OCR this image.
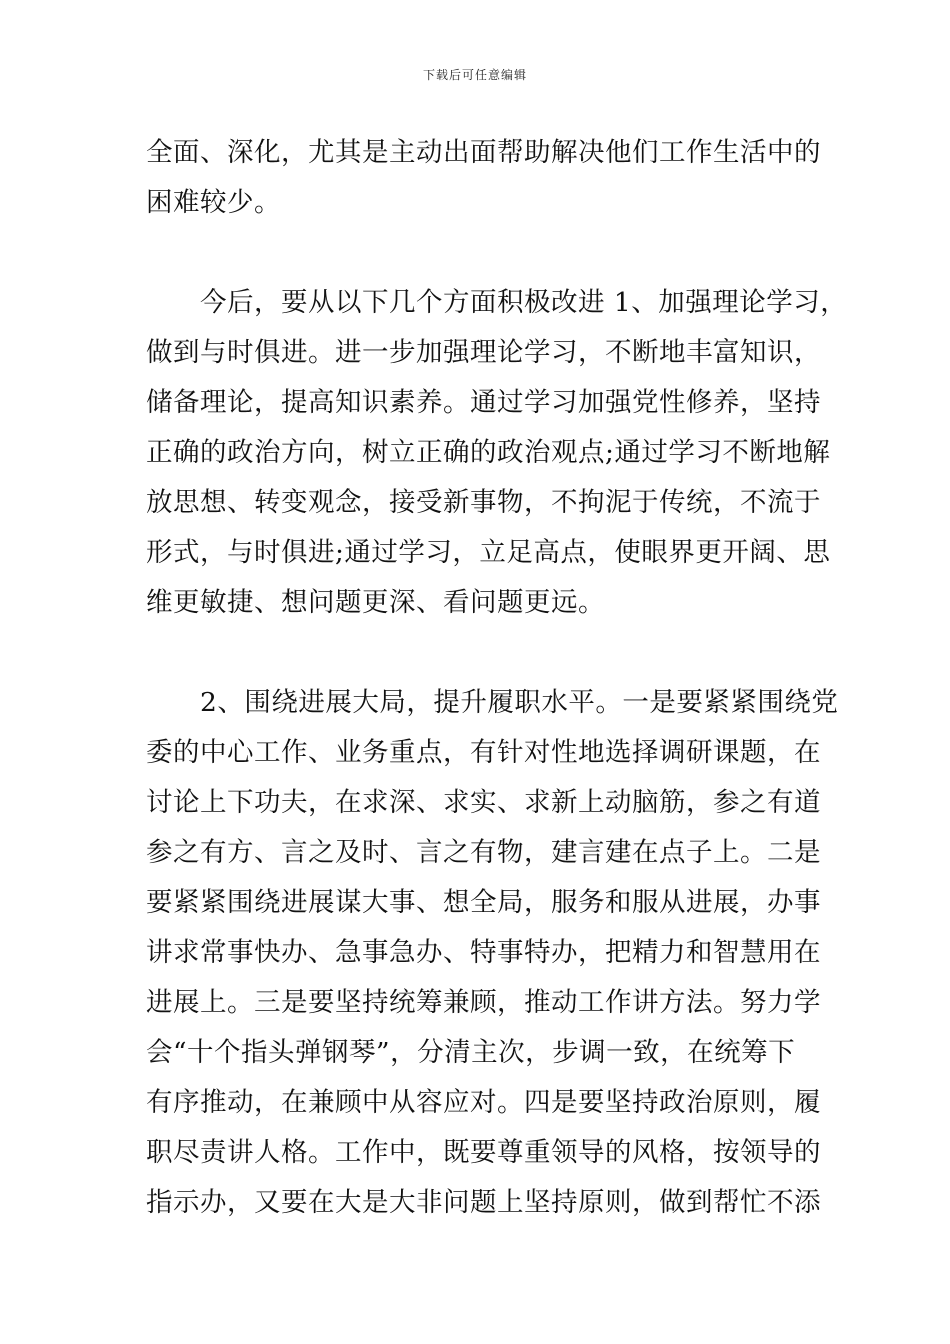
下载后可任意编辑
全面、深化，尤其是主动出面帮助解决他们工作生活中的
困难较少。
　　今后，要从以下几个方面积极改进 1、加强理论学习，
做到与时俱进。进一步加强理论学习，不断地丰富知识，
储备理论，提高知识素养。通过学习加强党性修养，坚持
正确的政治方向，树立正确的政治观点;通过学习不断地解
放思想、转变观念，接受新事物，不拘泥于传统，不流于
形式，与时俱进;通过学习，立足高点，使眼界更开阔、思
维更敏捷、想问题更深、看问题更远。
　　2、围绕进展大局，提升履职水平。一是要紧紧围绕党
委的中心工作、业务重点，有针对性地选择调研课题，在
讨论上下功夫，在求深、求实、求新上动脑筋，参之有道
参之有方、言之及时、言之有物，建言建在点子上。二是
要紧紧围绕进展谋大事、想全局，服务和服从进展，办事
讲求常事快办、急事急办、特事特办，把精力和智慧用在
进展上。三是要坚持统筹兼顾，推动工作讲方法。努力学
会“十个指头弹钢琴”，分清主次，步调一致，在统筹下
有序推动，在兼顾中从容应对。四是要坚持政治原则，履
职尽责讲人格。工作中，既要尊重领导的风格，按领导的
指示办，又要在大是大非问题上坚持原则，做到帮忙不添
